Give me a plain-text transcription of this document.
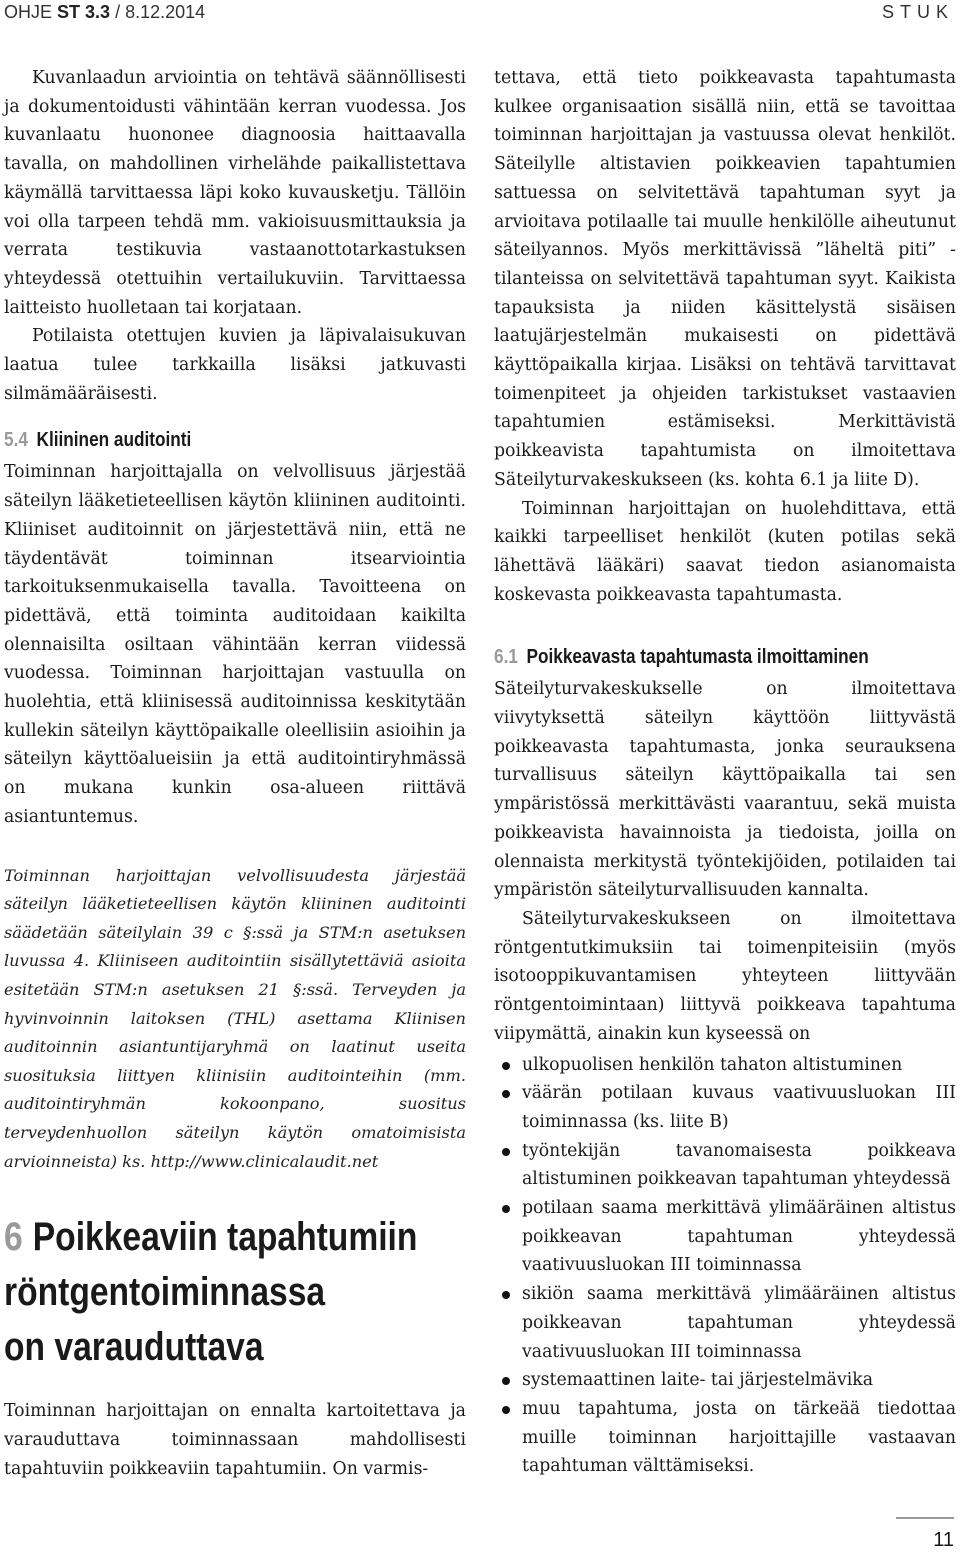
OHJE ST 3.3 / 8.12.2014	STUK

Kuvanlaadun arviointia on tehtävä säännöllisesti ja dokumentoidusti vähintään kerran vuodessa. Jos kuvanlaatu huononee diagnoosia haittaavalla tavalla, on mahdollinen virhelähde paikallistettava käymällä tarvittaessa läpi koko kuvausketju. Tällöin voi olla tarpeen tehdä mm. vakioisuusmittauksia ja verrata testikuvia vastaanottotarkastuksen yhteydessä otettuihin vertailukuviin. Tarvittaessa laitteisto huolletaan tai korjataan.

Potilaista otettujen kuvien ja läpivalaisukuvan laatua tulee tarkkailla lisäksi jatkuvasti silmämääräisesti.

5.4 Kliininen auditointi

Toiminnan harjoittajalla on velvollisuus järjestää säteilyn lääketieteellisen käytön kliininen auditointi. Kliiniset auditoinnit on järjestettävä niin, että ne täydentävät toiminnan itsearviointia tarkoituksenmukaisella tavalla. Tavoitteena on pidettävä, että toiminta auditoidaan kaikilta olennaisilta osiltaan vähintään kerran viidessä vuodessa. Toiminnan harjoittajan vastuulla on huolehtia, että kliinisessä auditoinnissa keskitytään kullekin säteilyn käyttöpaikalle oleellisiin asioihin ja säteilyn käyttöalueisiin ja että auditointiryhmässä on mukana kunkin osa-alueen riittävä asiantuntemus.

Toiminnan harjoittajan velvollisuudesta järjestää säteilyn lääketieteellisen käytön kliininen auditointi säädetään säteilylain 39 c §:ssä ja STM:n asetuksen luvussa 4. Kliiniseen auditointiin sisällytettäviä asioita esitetään STM:n asetuksen 21 §:ssä. Terveyden ja hyvinvoinnin laitoksen (THL) asettama Kliinisen auditoinnin asiantuntijaryhmä on laatinut useita suosituksia liittyen kliinisiin auditointeihin (mm. auditointiryhmän kokoonpano, suositus terveydenhuollon säteilyn käytön omatoimisista arvioinneista) ks. http://www.clinicalaudit.net
6 Poikkeaviin tapahtumiin
röntgentoiminnassa
on varauduttava

Toiminnan harjoittajan on ennalta kartoitettava ja varauduttava toiminnassaan mahdollisesti tapahtuviin poikkeaviin tapahtumiin. On varmis-

tettava, että tieto poikkeavasta tapahtumasta kulkee organisaation sisällä niin, että se tavoittaa toiminnan harjoittajan ja vastuussa olevat henkilöt. Säteilylle altistavien poikkeavien tapahtumien sattuessa on selvitettävä tapahtuman syyt ja arvioitava potilaalle tai muulle henkilölle aiheutunut säteilyannos. Myös merkittävissä ”läheltä piti” -tilanteissa on selvitettävä tapahtuman syyt. Kaikista tapauksista ja niiden käsittelystä sisäisen laatujärjestelmän mukaisesti on pidettävä käyttöpaikalla kirjaa. Lisäksi on tehtävä tarvittavat toimenpiteet ja ohjeiden tarkistukset vastaavien tapahtumien estämiseksi. Merkittävistä poikkeavista tapahtumista on ilmoitettava Säteilyturvakeskukseen (ks. kohta 6.1 ja liite D).

Toiminnan harjoittajan on huolehdittava, että kaikki tarpeelliset henkilöt (kuten potilas sekä lähettävä lääkäri) saavat tiedon asianomaista koskevasta poikkeavasta tapahtumasta.

6.1 Poikkeavasta tapahtumasta ilmoittaminen

Säteilyturvakeskukselle on ilmoitettava viivytyksettä säteilyn käyttöön liittyvästä poikkeavasta tapahtumasta, jonka seurauksena turvallisuus säteilyn käyttöpaikalla tai sen ympäristössä merkittävästi vaarantuu, sekä muista poikkeavista havainnoista ja tiedoista, joilla on olennaista merkitystä työntekijöiden, potilaiden tai ympäristön säteilyturvallisuuden kannalta.

Säteilyturvakeskukseen on ilmoitettava röntgentutkimuksiin tai toimenpiteisiin (myös isotooppikuvantamisen yhteyteen liittyvään röntgentoimintaan) liittyvä poikkeava tapahtuma viipymättä, ainakin kun kyseessä on

ulkopuolisen henkilön tahaton altistuminen
väärän potilaan kuvaus vaativuusluokan III toiminnassa (ks. liite B)
työntekijän tavanomaisesta poikkeava altistuminen poikkeavan tapahtuman yhteydessä
potilaan saama merkittävä ylimääräinen altistus poikkeavan tapahtuman yhteydessä vaativuusluokan III toiminnassa
sikiön saama merkittävä ylimääräinen altistus poikkeavan tapahtuman yhteydessä vaativuusluokan III toiminnassa
systemaattinen laite- tai järjestelmävika
muu tapahtuma, josta on tärkeää tiedottaa muille toiminnan harjoittajille vastaavan tapahtuman välttämiseksi.
11
